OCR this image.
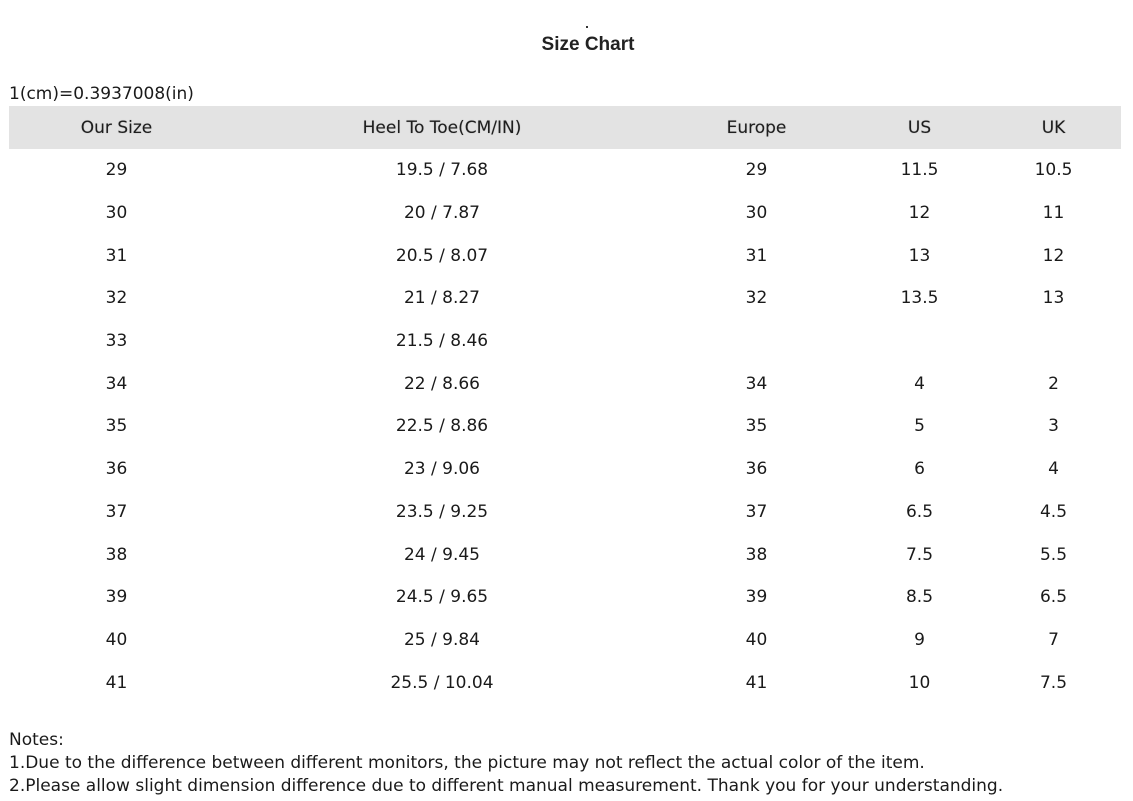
Size Chart
1(cm)=0.3937008(in)
Our Size	Heel To Toe(CM/IN)	Europe	US	UK
29	19.5 / 7.68	29	11.5	10.5
30	20 / 7.87	30	12	11
31	20.5 / 8.07	31	13	12
32	21 / 8.27	32	13.5	13
33	21.5 / 8.46			
34	22 / 8.66	34	4	2
35	22.5 / 8.86	35	5	3
36	23 / 9.06	36	6	4
37	23.5 / 9.25	37	6.5	4.5
38	24 / 9.45	38	7.5	5.5
39	24.5 / 9.65	39	8.5	6.5
40	25 / 9.84	40	9	7
41	25.5 / 10.04	41	10	7.5
Notes:
1.Due to the difference between different monitors, the picture may not reflect the actual color of the item.
2.Please allow slight dimension difference due to different manual measurement. Thank you for your understanding.
